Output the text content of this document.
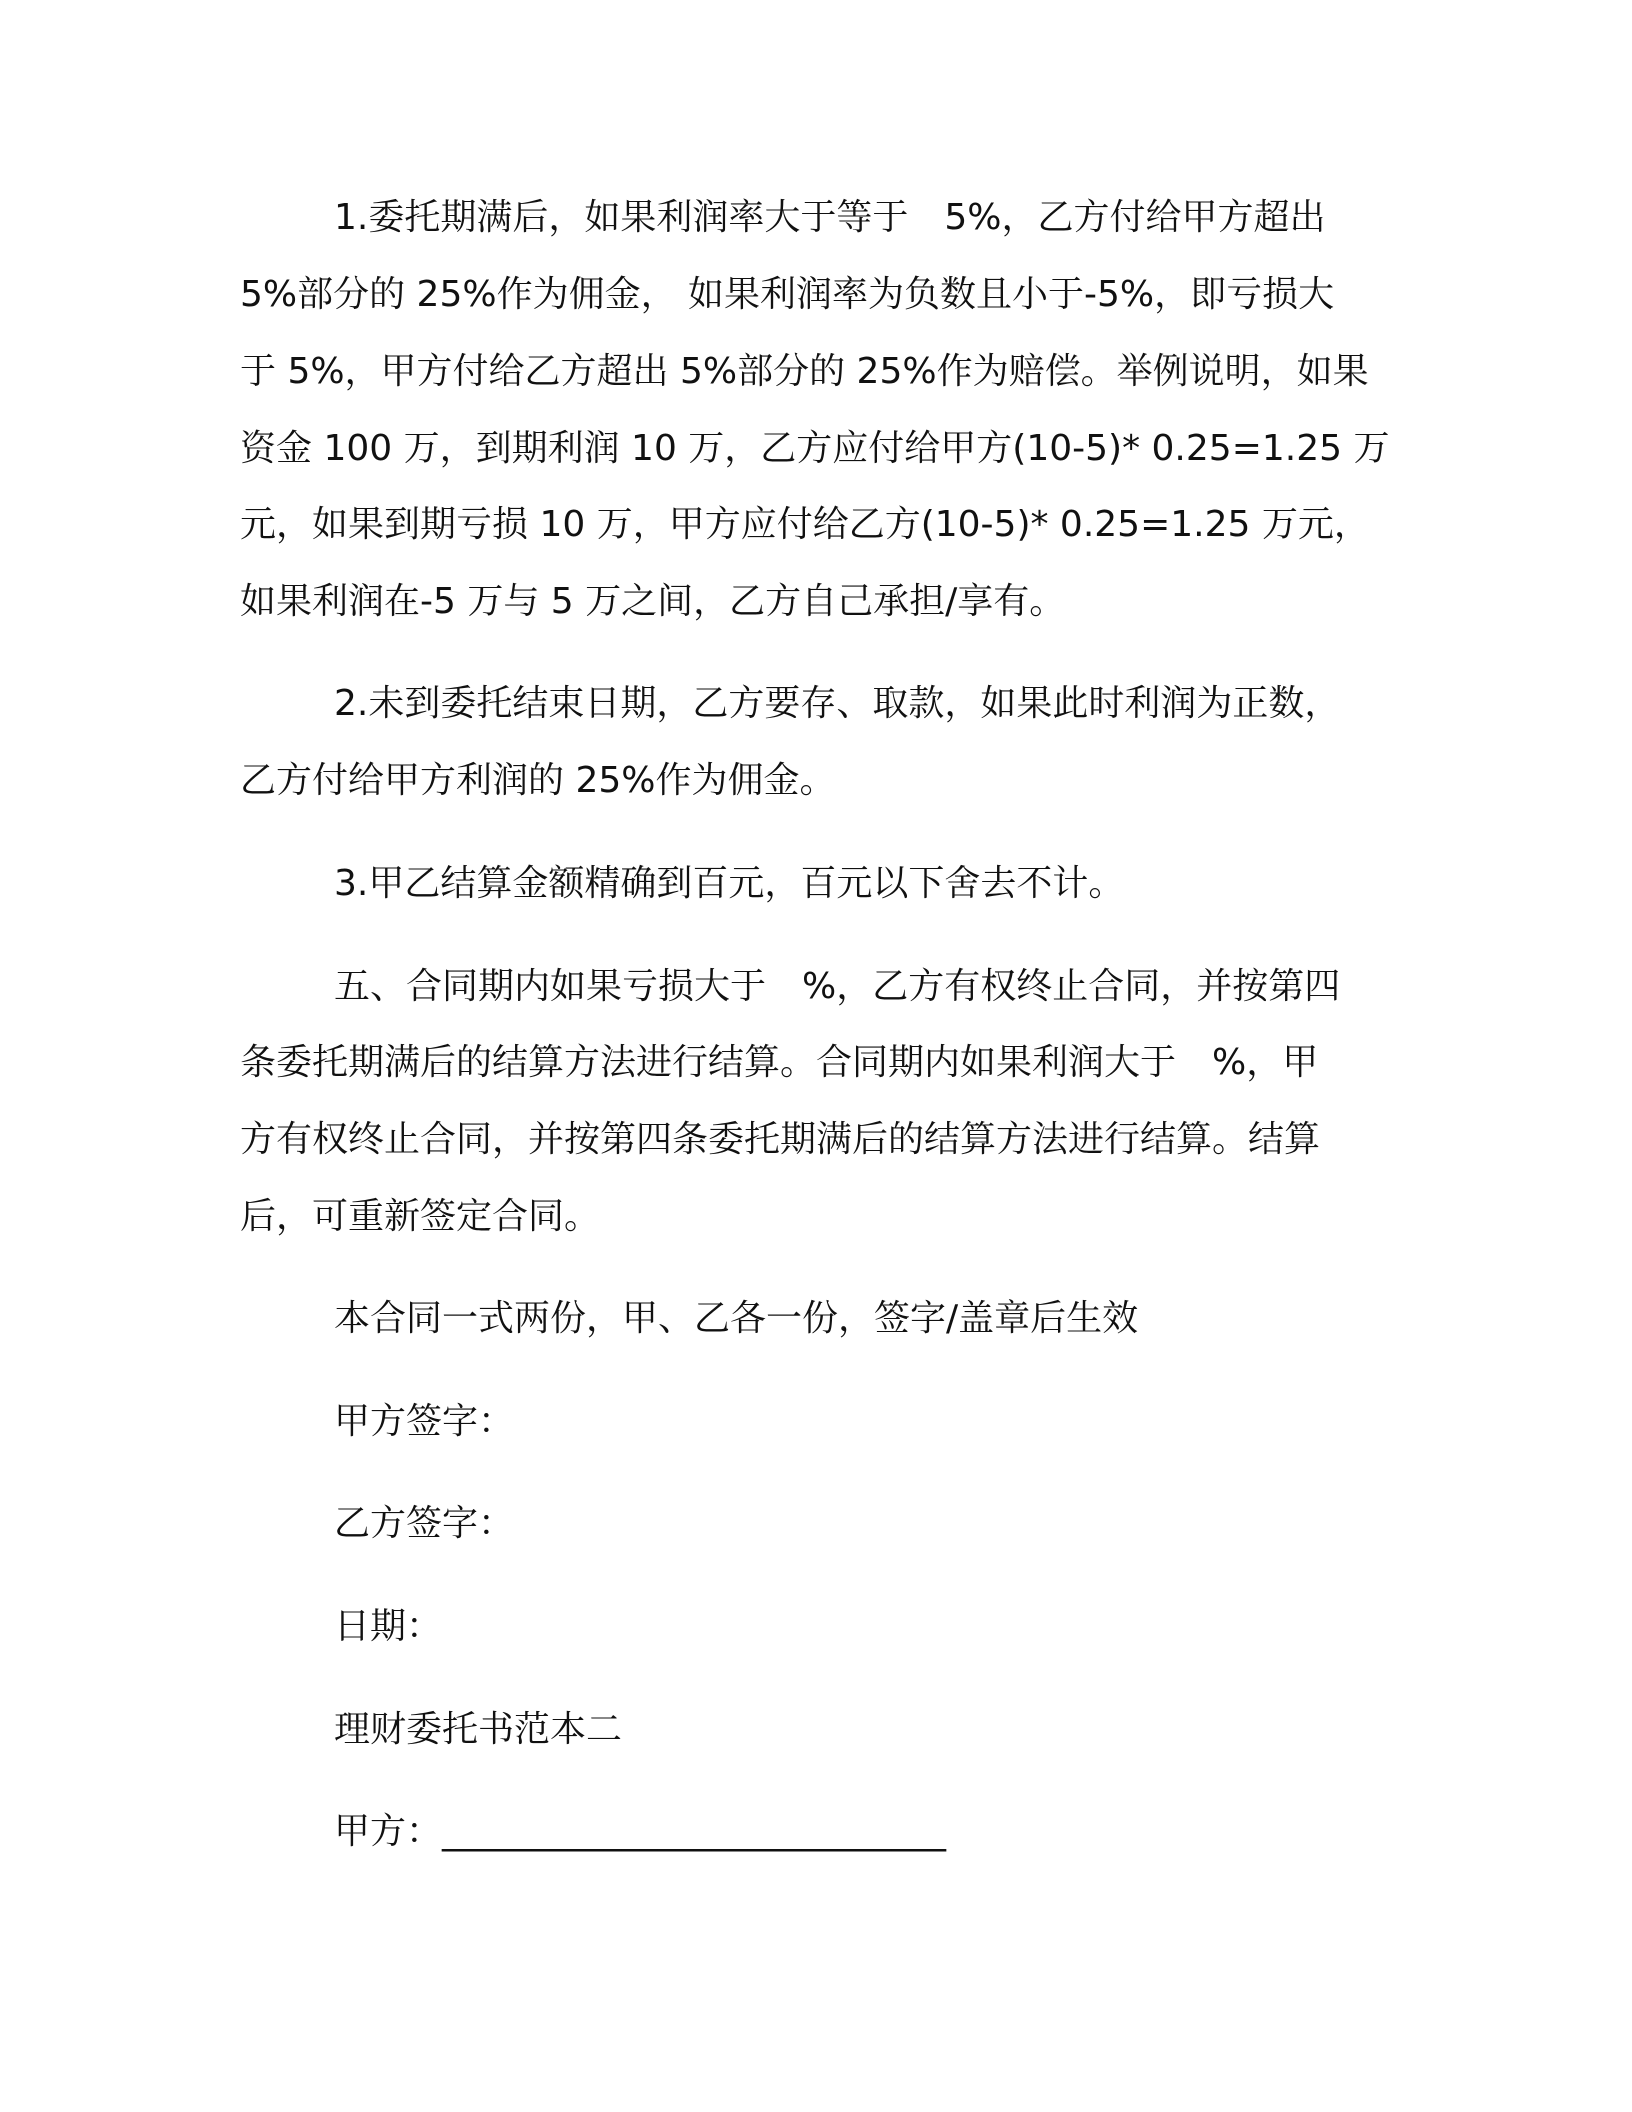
1.委托期满后，如果利润率大于等于　5%，乙方付给甲方超出

5%部分的 25%作为佣金， 如果利润率为负数且小于-5%，即亏损大

于 5%，甲方付给乙方超出 5%部分的 25%作为赔偿。举例说明，如果

资金 100 万，到期利润 10 万，乙方应付给甲方(10-5)* 0.25=1.25 万

元，如果到期亏损 10 万，甲方应付给乙方(10-5)* 0.25=1.25 万元，

如果利润在-5 万与 5 万之间，乙方自己承担/享有。

2.未到委托结束日期，乙方要存、取款，如果此时利润为正数，

乙方付给甲方利润的 25%作为佣金。

3.甲乙结算金额精确到百元，百元以下舍去不计。

五、合同期内如果亏损大于　%，乙方有权终止合同，并按第四

条委托期满后的结算方法进行结算。合同期内如果利润大于　%，甲

方有权终止合同，并按第四条委托期满后的结算方法进行结算。结算

后，可重新签定合同。

本合同一式两份，甲、乙各一份，签字/盖章后生效

甲方签字：

乙方签字：

日期：

理财委托书范本二

甲方：____________________________
